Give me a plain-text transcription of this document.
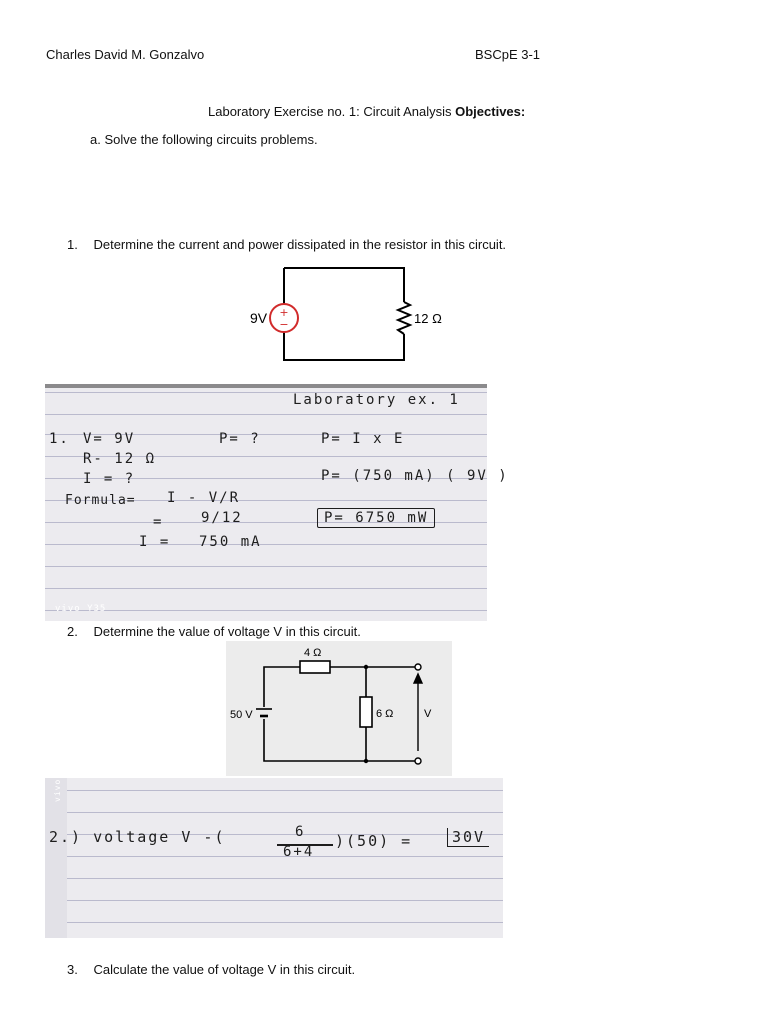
Charles David M. Gonzalvo	BSCpE 3-1
Laboratory Exercise no. 1: Circuit Analysis Objectives:
a. Solve the following circuits problems.
1. Determine the current and power dissipated in the resistor in this circuit.
+
−
9V	12 Ω
Laboratory ex. 1
1. V= 9V
R- 12 Ω
I = ?
Formula= I - V/R
=	9/12
I = 750 mA
P= ?	P= I x E
P= (750 mA) ( 9V )
P= 6750 mW
vivo Y35
2. Determine the value of voltage V in this circuit.
50 V
4 Ω
6 Ω	V
2.) voltage V -(	6
6+4
)(50) =	30V
vivo Y35
3. Calculate the value of voltage V in this circuit.
